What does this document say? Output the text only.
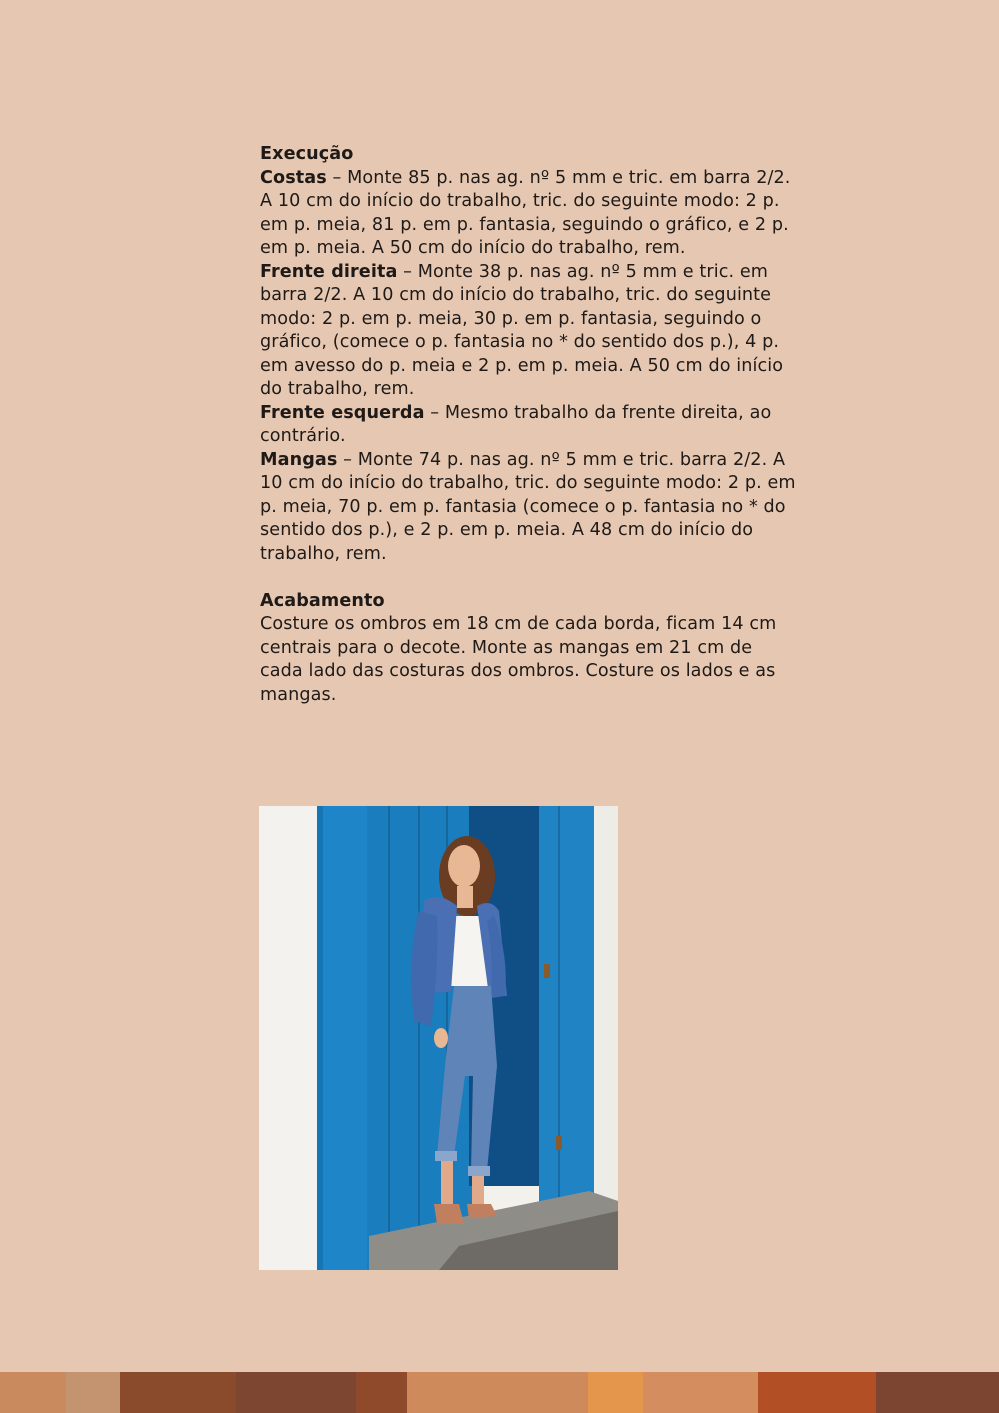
Execução

Costas – Monte 85 p. nas ag. nº 5 mm e tric. em barra 2/2. A 10 cm do início do trabalho, tric. do seguinte modo: 2 p. em p. meia, 81 p. em p. fantasia, seguindo o gráfico, e 2 p. em p. meia. A 50 cm do início do trabalho, rem.

Frente direita – Monte 38 p. nas ag. nº 5 mm e tric. em barra 2/2. A 10 cm do início do trabalho, tric. do seguinte modo: 2 p. em p. meia, 30 p. em p. fantasia, seguindo o gráfico, (comece o p. fantasia no * do sentido dos p.), 4 p. em avesso do p. meia e 2 p. em p. meia. A 50 cm do início do trabalho, rem.

Frente esquerda – Mesmo trabalho da frente direita, ao contrário.

Mangas – Monte 74 p. nas ag. nº 5 mm e tric. barra 2/2. A 10 cm do início do trabalho, tric. do seguinte modo: 2 p. em p. meia, 70 p. em p. fantasia (comece o p. fantasia no * do sentido dos p.), e 2 p. em p. meia. A 48 cm do início do trabalho, rem.

Acabamento

Costure os ombros em 18 cm de cada borda, ficam 14 cm centrais para o decote. Monte as mangas em 21 cm de cada lado das costuras dos ombros. Costure os lados e as mangas.
